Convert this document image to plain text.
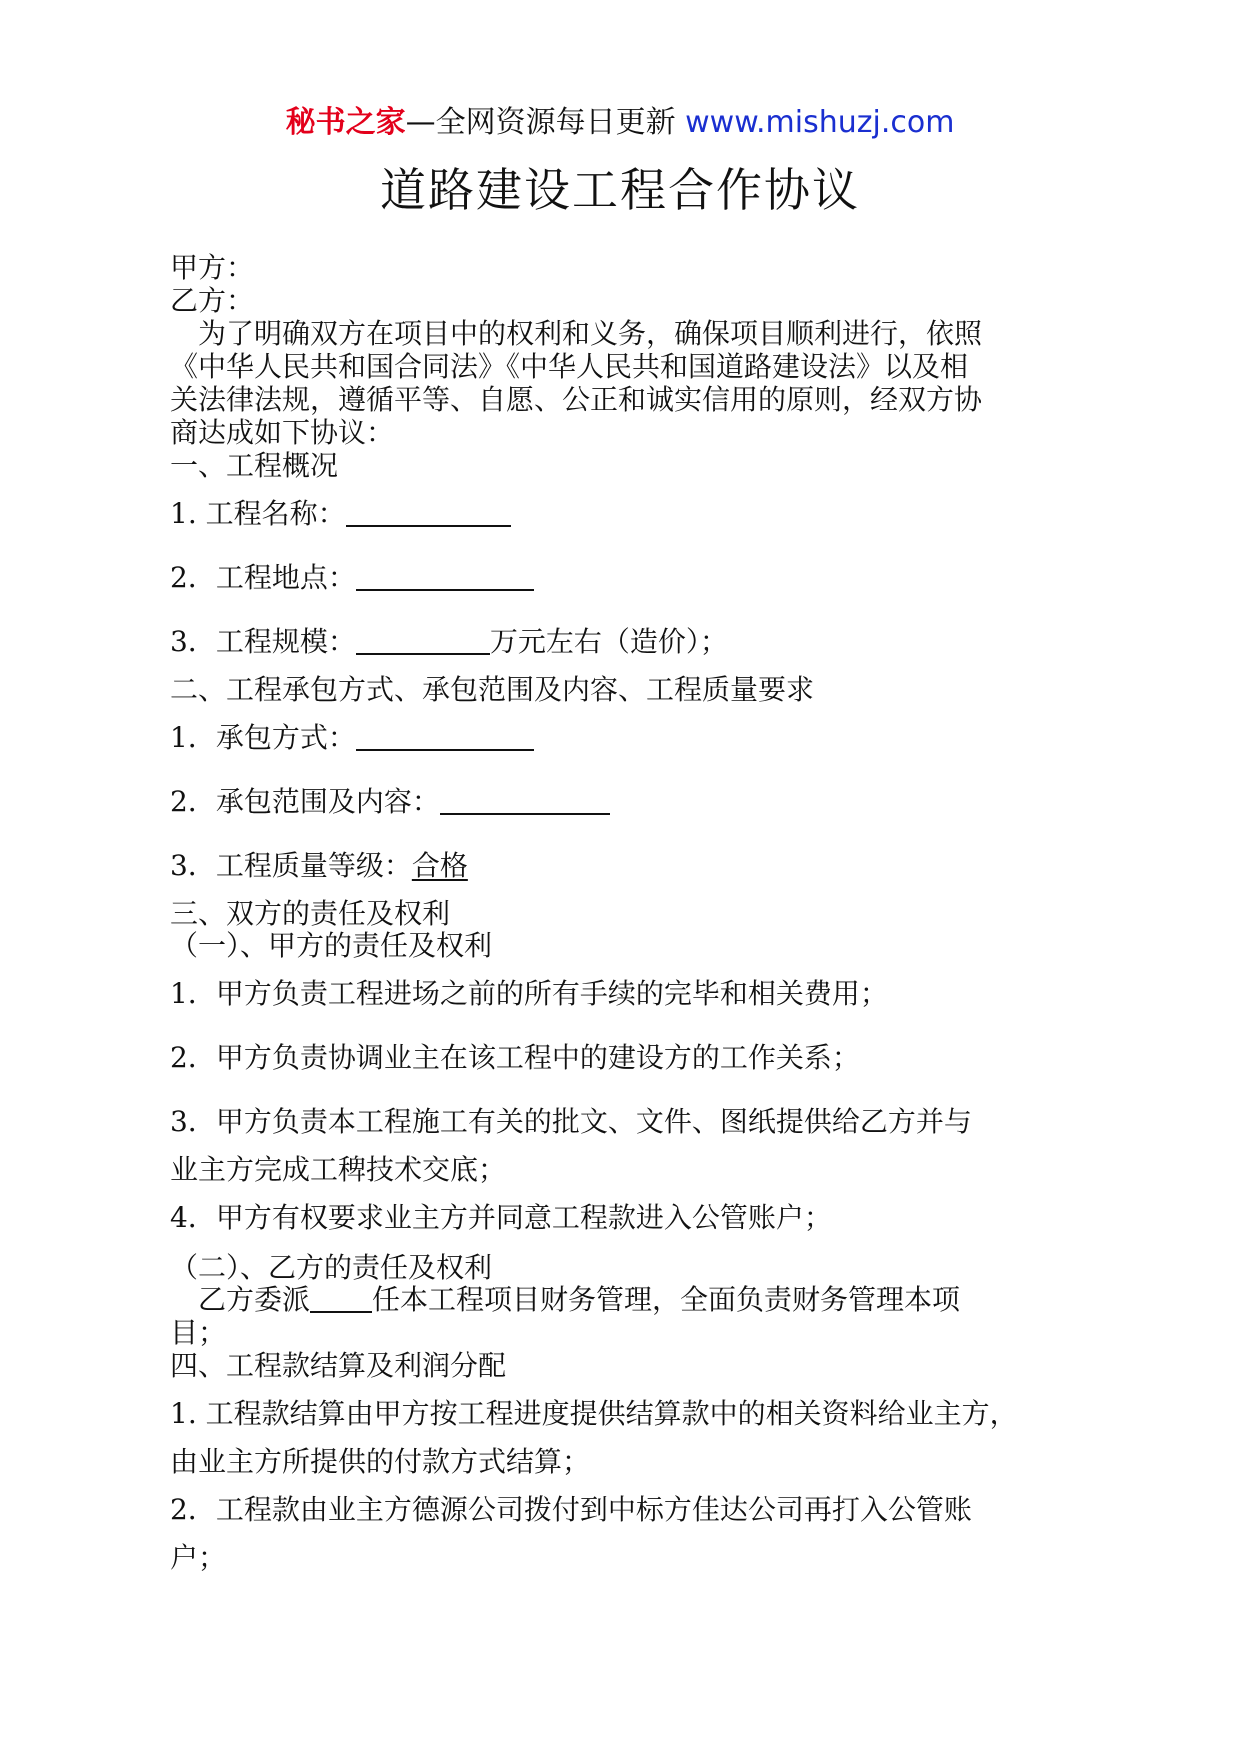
秘书之家—全网资源每日更新 www.mishuzj.com
道路建设工程合作协议
甲方：
乙方：
　为了明确双方在项目中的权利和义务，确保项目顺利进行，依照
《中华人民共和国合同法》《中华人民共和国道路建设法》以及相
关法律法规，遵循平等、自愿、公正和诚实信用的原则，经双方协
商达成如下协议：
一、工程概况
1. 工程名称：
2．工程地点：
3．工程规模：	万元左右（造价）；
二、工程承包方式、承包范围及内容、工程质量要求
1．承包方式：
2．承包范围及内容：
3．工程质量等级：合格
三、双方的责任及权利
（一）、甲方的责任及权利
1．甲方负责工程进场之前的所有手续的完毕和相关费用；
2．甲方负责协调业主在该工程中的建设方的工作关系；
3．甲方负责本工程施工有关的批文、文件、图纸提供给乙方并与
业主方完成工稗技术交底；
4．甲方有权要求业主方并同意工程款进入公管账户；
（二）、乙方的责任及权利
　乙方委派 任本工程项目财务管理，全面负责财务管理本项
目；
四、工程款结算及利润分配
1. 工程款结算由甲方按工程进度提供结算款中的相关资料给业主方，
由业主方所提供的付款方式结算；
2．工程款由业主方德源公司拨付到中标方佳达公司再打入公管账
户；
